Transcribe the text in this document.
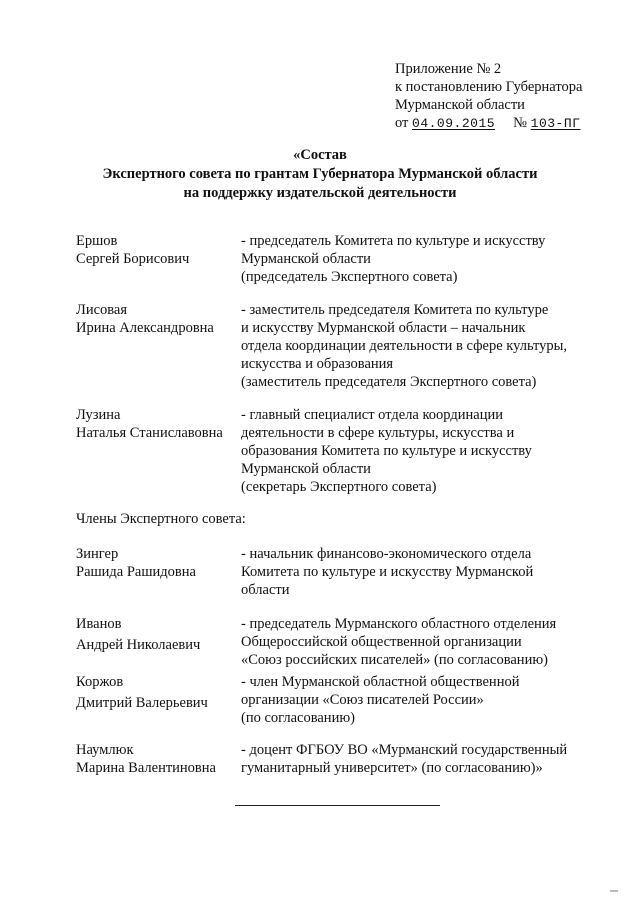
Приложение № 2
к постановлению Губернатора
Мурманской области
от 04.09.2015 № 103-ПГ
«Состав
Экспертного совета по грантам Губернатора Мурманской области
на поддержку издательской деятельности
Ершов
Сергей Борисович
- председатель Комитета по культуре и искусству
Мурманской области
(председатель Экспертного совета)
Лисовая
Ирина Александровна
- заместитель председателя Комитета по культуре
и искусству Мурманской области – начальник
отдела координации деятельности в сфере культуры,
искусства и образования
(заместитель председателя Экспертного совета)
Лузина
Наталья Станиславовна
- главный специалист отдела координации
деятельности в сфере культуры, искусства и
образования Комитета по культуре и искусству
Мурманской области
(секретарь Экспертного совета)
Члены Экспертного совета:
Зингер
Рашида Рашидовна
- начальник финансово-экономического отдела
Комитета по культуре и искусству Мурманской
области
Иванов
Андрей Николаевич
- председатель Мурманского областного отделения
Общероссийской общественной организации
«Союз российских писателей» (по согласованию)
Коржов
Дмитрий Валерьевич
- член Мурманской областной общественной
организации «Союз писателей России»
(по согласованию)
Наумлюк
Марина Валентиновна
- доцент ФГБОУ ВО «Мурманский государственный
гуманитарный университет» (по согласованию)»
